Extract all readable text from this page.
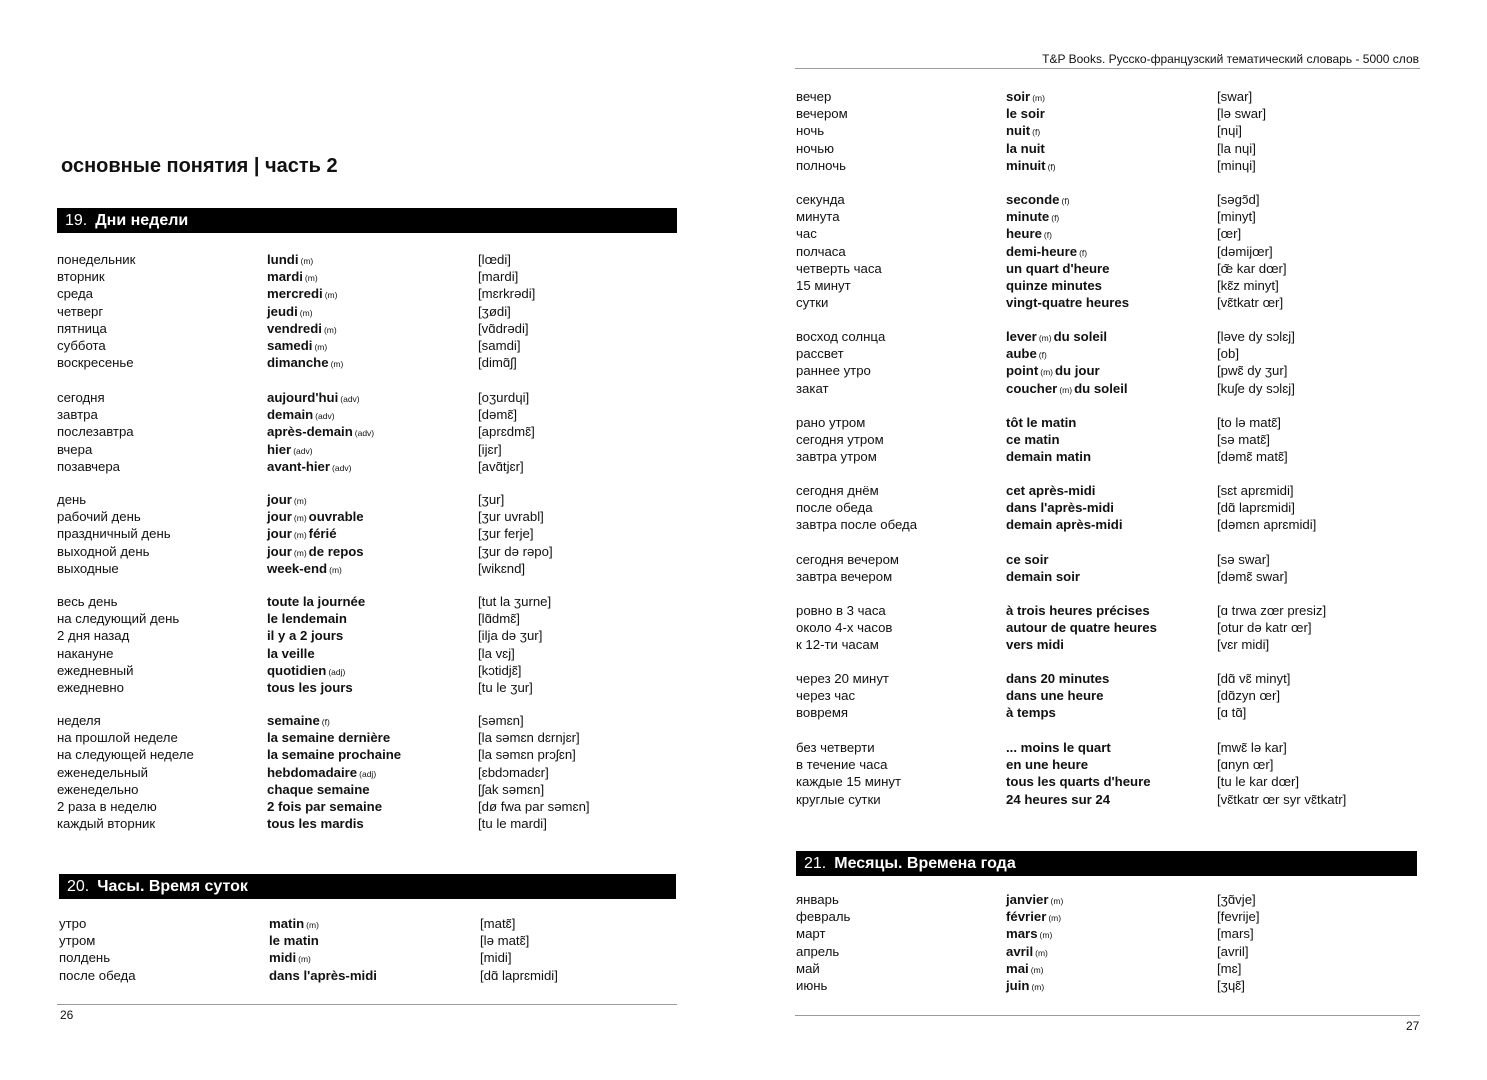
основные понятия | часть 2
19. Дни недели
понедельник	lundi (m)	[lœdi]
вторник	mardi (m)	[mardi]
среда	mercredi (m)	[mɛrkrədi]
четверг	jeudi (m)	[ʒødi]
пятница	vendredi (m)	[vɑ̃drədi]
суббота	samedi (m)	[samdi]
воскресенье	dimanche (m)	[dimɑ̃ʃ]
сегодня	aujourd'hui (adv)	[oʒurdɥi]
завтра	demain (adv)	[dəmɛ̃]
послезавтра	après-demain (adv)	[aprɛdmɛ̃]
вчера	hier (adv)	[ijɛr]
позавчера	avant-hier (adv)	[avɑ̃tjɛr]
день	jour (m)	[ʒur]
рабочий день	jour (m) ouvrable	[ʒur uvrabl]
праздничный день	jour (m) férié	[ʒur ferje]
выходной день	jour (m) de repos	[ʒur də rəpo]
выходные	week-end (m)	[wikɛnd]
весь день	toute la journée	[tut la ʒurne]
на следующий день	le lendemain	[lɑ̃dmɛ̃]
2 дня назад	il y a 2 jours	[ilja də ʒur]
накануне	la veille	[la vɛj]
ежедневный	quotidien (adj)	[kɔtidjɛ̃]
ежедневно	tous les jours	[tu le ʒur]
неделя	semaine (f)	[səmɛn]
на прошлой неделе	la semaine dernière	[la səmɛn dɛrnjɛr]
на следующей неделе	la semaine prochaine	[la səmɛn prɔʃɛn]
еженедельный	hebdomadaire (adj)	[ɛbdɔmadɛr]
еженедельно	chaque semaine	[ʃak səmɛn]
2 раза в неделю	2 fois par semaine	[dø fwa par səmɛn]
каждый вторник	tous les mardis	[tu le mardi]
20. Часы. Время суток
утро	matin (m)	[matɛ̃]
утром	le matin	[lə matɛ̃]
полдень	midi (m)	[midi]
после обеда	dans l'après-midi	[dɑ̃ laprɛmidi]
26
T&P Books. Русско-французский тематический словарь - 5000 слов
вечер	soir (m)	[swar]
вечером	le soir	[lə swar]
ночь	nuit (f)	[nɥi]
ночью	la nuit	[la nɥi]
полночь	minuit (f)	[minɥi]
секунда	seconde (f)	[səgɔ̃d]
минута	minute (f)	[minyt]
час	heure (f)	[œr]
полчаса	demi-heure (f)	[dəmijœr]
четверть часа	un quart d'heure	[œ̃ kar dœr]
15 минут	quinze minutes	[kɛ̃z minyt]
сутки	vingt-quatre heures	[vɛ̃tkatr œr]
восход солнца	lever (m) du soleil	[ləve dy sɔlɛj]
рассвет	aube (f)	[ob]
раннее утро	point (m) du jour	[pwɛ̃ dy ʒur]
закат	coucher (m) du soleil	[kuʃe dy sɔlɛj]
рано утром	tôt le matin	[to lə matɛ̃]
сегодня утром	ce matin	[sə matɛ̃]
завтра утром	demain matin	[dəmɛ̃ matɛ̃]
сегодня днём	cet après-midi	[sɛt aprɛmidi]
после обеда	dans l'après-midi	[dɑ̃ laprɛmidi]
завтра после обеда	demain après-midi	[dəmɛn aprɛmidi]
сегодня вечером	ce soir	[sə swar]
завтра вечером	demain soir	[dəmɛ̃ swar]
ровно в 3 часа	à trois heures précises	[ɑ trwa zœr presiz]
около 4-х часов	autour de quatre heures	[otur də katr œr]
к 12-ти часам	vers midi	[vɛr midi]
через 20 минут	dans 20 minutes	[dɑ̃ vɛ̃ minyt]
через час	dans une heure	[dɑ̃zyn œr]
вовремя	à temps	[ɑ tɑ̃]
без четверти	... moins le quart	[mwɛ̃ lə kar]
в течение часа	en une heure	[ɑnyn œr]
каждые 15 минут	tous les quarts d'heure	[tu le kar dœr]
круглые сутки	24 heures sur 24	[vɛ̃tkatr œr syr vɛ̃tkatr]
21. Месяцы. Времена года
январь	janvier (m)	[ʒɑ̃vje]
февраль	février (m)	[fevrije]
март	mars (m)	[mars]
апрель	avril (m)	[avril]
май	mai (m)	[mɛ]
июнь	juin (m)	[ʒɥɛ̃]
27
